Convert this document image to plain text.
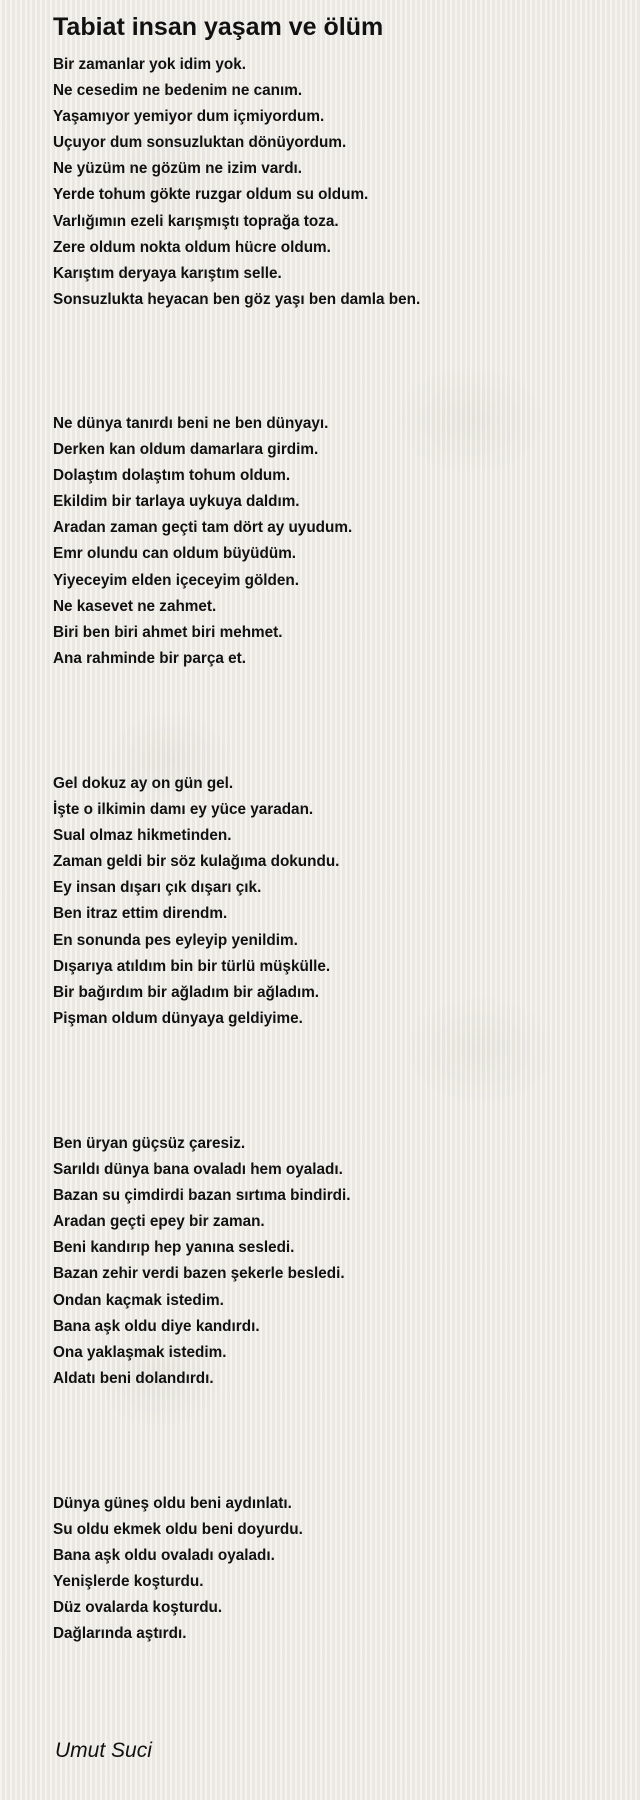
Tabiat insan yaşam ve ölüm
Bir zamanlar yok idim yok.
Ne cesedim ne bedenim ne canım.
Yaşamıyor yemiyor dum içmiyordum.
Uçuyor dum sonsuzluktan dönüyordum.
Ne yüzüm ne gözüm ne izim vardı.
Yerde tohum gökte ruzgar oldum su oldum.
Varlığımın ezeli karışmıştı toprağa toza.
Zere oldum nokta oldum hücre oldum.
Karıştım deryaya karıştım selle.
Sonsuzlukta heyacan ben göz yaşı ben damla ben.
Ne dünya tanırdı beni ne ben dünyayı.
Derken kan oldum damarlara girdim.
Dolaştım dolaştım tohum oldum.
Ekildim bir tarlaya uykuya daldım.
Aradan zaman geçti tam dört ay uyudum.
Emr olundu can oldum büyüdüm.
Yiyeceyim elden içeceyim gölden.
Ne kasevet ne zahmet.
Biri ben biri ahmet biri mehmet.
Ana rahminde bir parça et.
Gel dokuz ay on gün gel.
İşte o ilkimin damı ey yüce yaradan.
Sual olmaz hikmetinden.
Zaman geldi bir söz kulağıma dokundu.
Ey insan dışarı çık dışarı çık.
Ben itraz ettim direndm.
En sonunda pes eyleyip yenildim.
Dışarıya atıldım bin bir türlü müşkülle.
Bir bağırdım bir ağladım bir ağladım.
Pişman oldum dünyaya geldiyime.
Ben üryan güçsüz çaresiz.
Sarıldı dünya bana ovaladı hem oyaladı.
Bazan su çimdirdi bazan sırtıma bindirdi.
Aradan geçti epey bir zaman.
Beni kandırıp hep yanına sesledi.
Bazan zehir verdi bazen şekerle besledi.
Ondan kaçmak istedim.
Bana aşk oldu diye kandırdı.
Ona yaklaşmak istedim.
Aldatı beni dolandırdı.
Dünya güneş oldu beni aydınlatı.
Su oldu ekmek oldu beni doyurdu.
Bana aşk oldu ovaladı oyaladı.
Yenişlerde koşturdu.
Düz ovalarda koşturdu.
Dağlarında aştırdı.
Umut Suci
